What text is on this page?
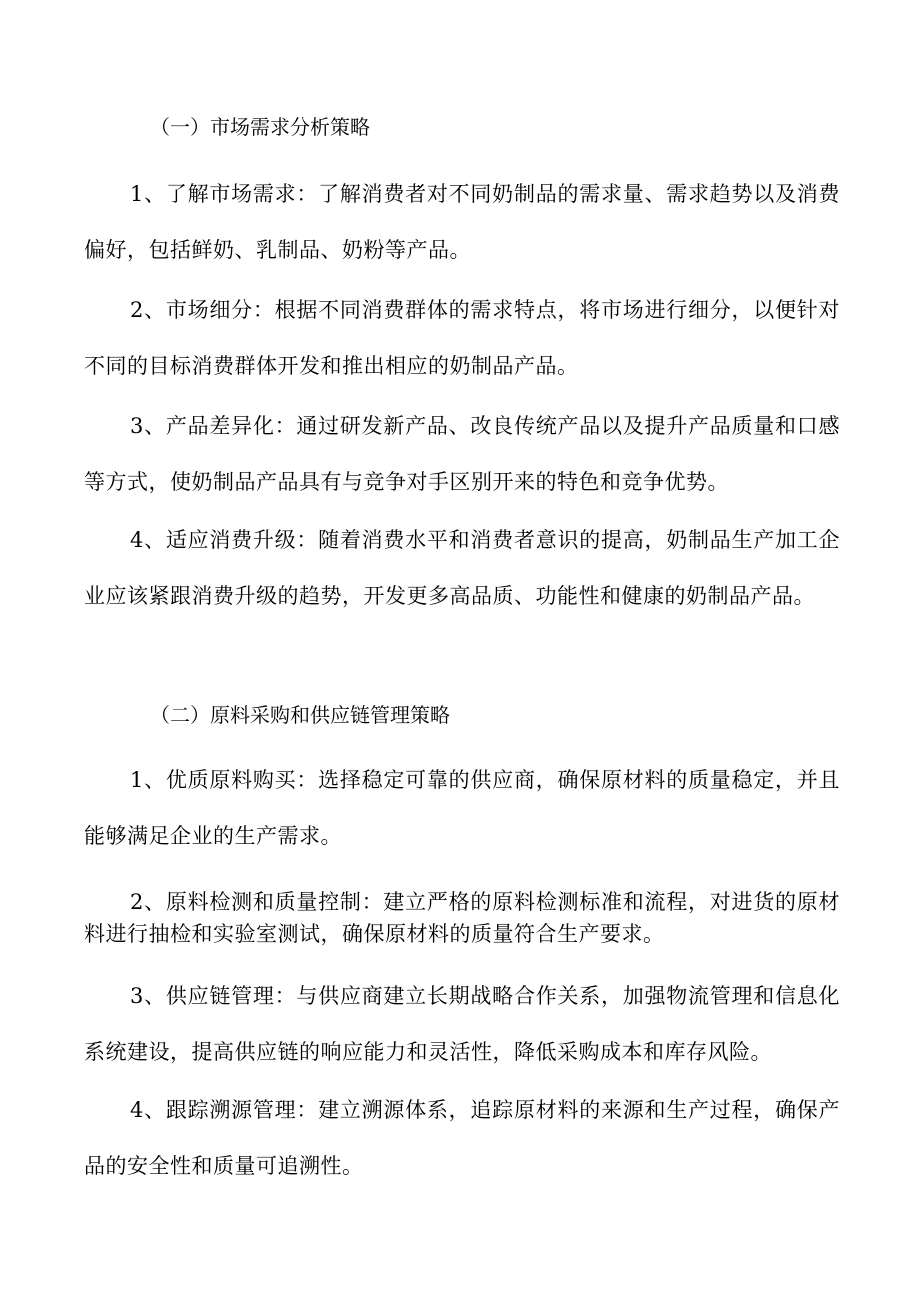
（一）市场需求分析策略

1、了解市场需求：了解消费者对不同奶制品的需求量、需求趋势以及消费偏好，包括鲜奶、乳制品、奶粉等产品。

2、市场细分：根据不同消费群体的需求特点，将市场进行细分，以便针对不同的目标消费群体开发和推出相应的奶制品产品。

3、产品差异化：通过研发新产品、改良传统产品以及提升产品质量和口感等方式，使奶制品产品具有与竞争对手区别开来的特色和竞争优势。

4、适应消费升级：随着消费水平和消费者意识的提高，奶制品生产加工企业应该紧跟消费升级的趋势，开发更多高品质、功能性和健康的奶制品产品。

（二）原料采购和供应链管理策略

1、优质原料购买：选择稳定可靠的供应商，确保原材料的质量稳定，并且能够满足企业的生产需求。

2、原料检测和质量控制：建立严格的原料检测标准和流程，对进货的原材料进行抽检和实验室测试，确保原材料的质量符合生产要求。

3、供应链管理：与供应商建立长期战略合作关系，加强物流管理和信息化系统建设，提高供应链的响应能力和灵活性，降低采购成本和库存风险。

4、跟踪溯源管理：建立溯源体系，追踪原材料的来源和生产过程，确保产品的安全性和质量可追溯性。
